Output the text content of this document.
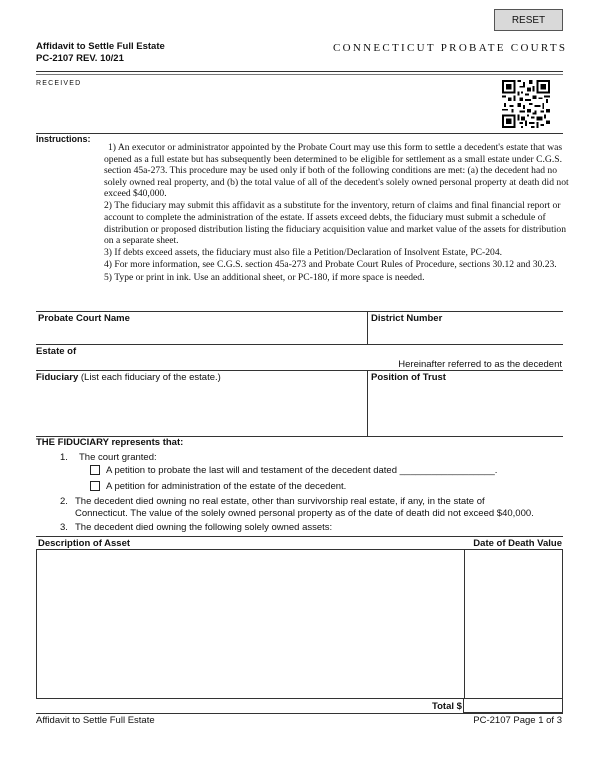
RESET
Affidavit to Settle Full Estate
PC-2107 REV. 10/21
CONNECTICUT PROBATE COURTS
RECEIVED
Instructions:

1) An executor or administrator appointed by the Probate Court may use this form to settle a decedent's estate that was opened as a full estate but has subsequently been determined to be eligible for settlement as a small estate under C.G.S. section 45a-273. This procedure may be used only if both of the following conditions are met: (a) the decedent had no solely owned real property, and (b) the total value of all of the decedent's solely owned personal property at death did not exceed $40,000.

2) The fiduciary may submit this affidavit as a substitute for the inventory, return of claims and final financial report or account to complete the administration of the estate. If assets exceed debts, the fiduciary must submit a schedule of distribution or proposed distribution listing the fiduciary acquisition value and market value of the assets for distribution on a separate sheet.

3) If debts exceed assets, the fiduciary must also file a Petition/Declaration of Insolvent Estate, PC-204.

4) For more information, see C.G.S. section 45a-273 and Probate Court Rules of Procedure, sections 30.12 and 30.23.

5) Type or print in ink. Use an additional sheet, or PC-180, if more space is needed.

Probate Court Name	District Number
Estate of
Hereinafter referred to as the decedent
Fiduciary (List each fiduciary of the estate.)	Position of Trust
THE FIDUCIARY represents that:
1. The court granted:
A petition to probate the last will and testament of the decedent dated __________________.
A petition for administration of the estate of the decedent.
2. The decedent died owning no real estate, other than survivorship real estate, if any, in the state of
Connecticut. The value of the solely owned personal property as of the date of death did not exceed $40,000.
3. The decedent died owning the following solely owned assets:
Description of Asset	Date of Death Value
Total $
Affidavit to Settle Full Estate	PC-2107 Page 1 of 3
